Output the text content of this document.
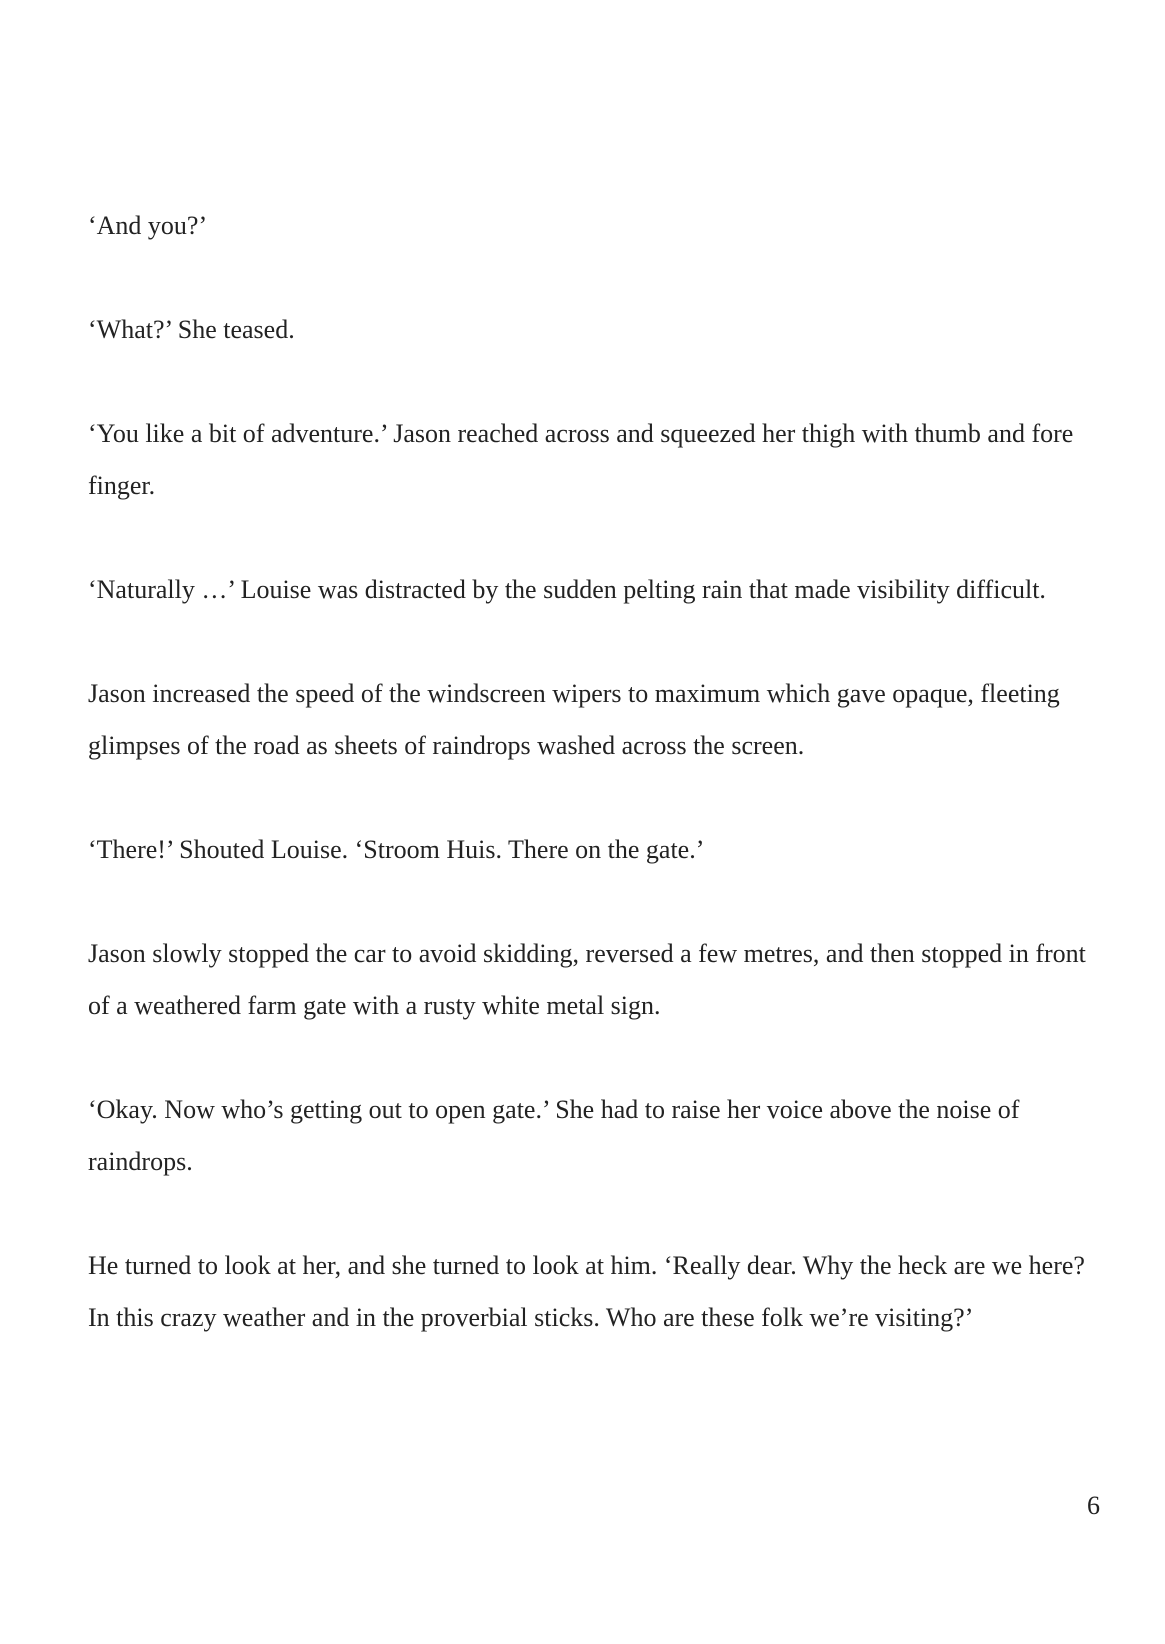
‘And you?’

‘What?’ She teased.

‘You like a bit of adventure.’ Jason reached across and squeezed her thigh with thumb and fore finger.

‘Naturally …’ Louise was distracted by the sudden pelting rain that made visibility difficult.

Jason increased the speed of the windscreen wipers to maximum which gave opaque, fleeting glimpses of the road as sheets of raindrops washed across the screen.

‘There!’ Shouted Louise. ‘Stroom Huis. There on the gate.’

Jason slowly stopped the car to avoid skidding, reversed a few metres, and then stopped in front of a weathered farm gate with a rusty white metal sign.

‘Okay. Now who’s getting out to open gate.’ She had to raise her voice above the noise of raindrops.

He turned to look at her, and she turned to look at him. ‘Really dear. Why the heck are we here? In this crazy weather and in the proverbial sticks. Who are these folk we’re visiting?’

6
